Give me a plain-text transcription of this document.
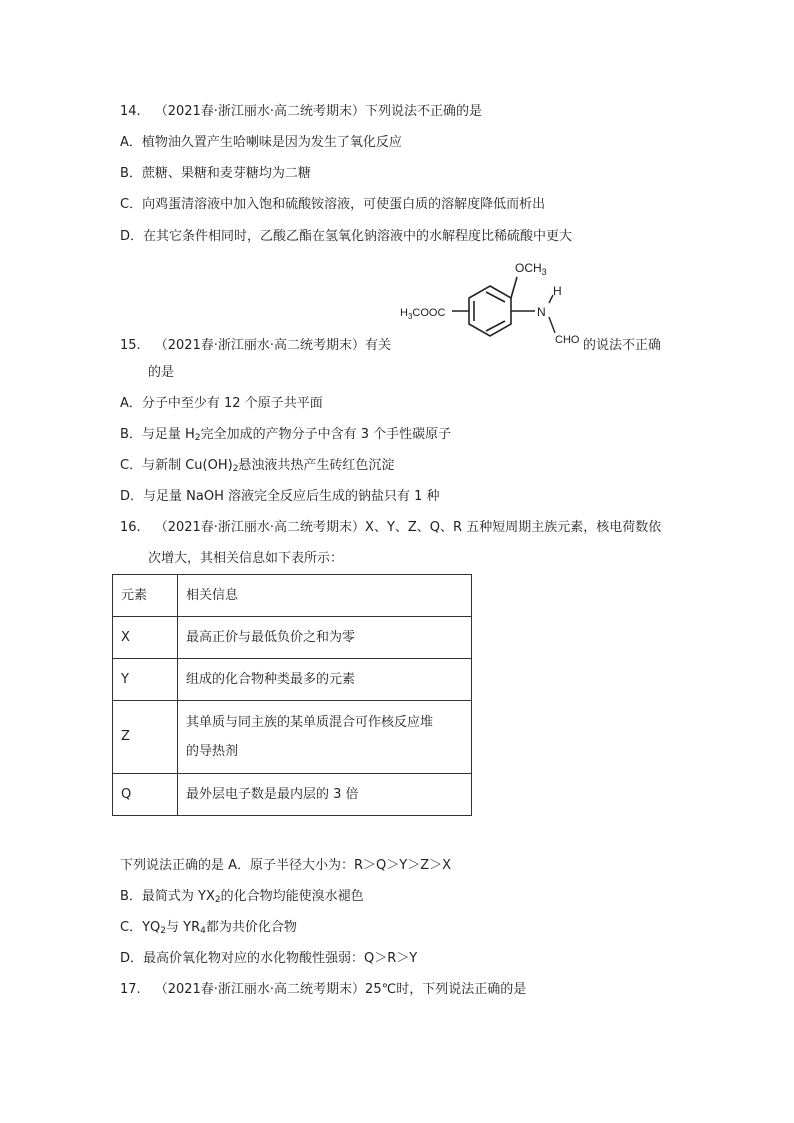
14. （2021春·浙江丽水·高二统考期末）下列说法不正确的是
A．植物油久置产生哈喇味是因为发生了氧化反应
B．蔗糖、果糖和麦芽糖均为二糖
C．向鸡蛋清溶液中加入饱和硫酸铵溶液，可使蛋白质的溶解度降低而析出
D．在其它条件相同时，乙酸乙酯在氢氧化钠溶液中的水解程度比稀硫酸中更大
$OCH_3$
$H_3COOC$	N
H
CHO
15. （2021春·浙江丽水·高二统考期末）有关	的说法不正确
的是
A．分子中至少有 12 个原子共平面
B．与足量 $H_2$完全加成的产物分子中含有 3 个手性碳原子
C．与新制 $Cu(OH)_2$悬浊液共热产生砖红色沉淀
D．与足量 NaOH 溶液完全反应后生成的钠盐只有 1 种
16. （2021春·浙江丽水·高二统考期末）X、Y、Z、Q、R 五种短周期主族元素，核电荷数依
次增大，其相关信息如下表所示：
元素	相关信息
X	最高正价与最低负价之和为零
Y	组成的化合物种类最多的元素
Z	其单质与同主族的某单质混合可作核反应堆
的导热剂

Q	最外层电子数是最内层的 3 倍
下列说法正确的是 A．原子半径大小为：R＞Q＞Y＞Z＞X
B．最简式为 $YX_2$的化合物均能使溴水褪色
C．$YQ_2$与 $YR_4$都为共价化合物
D．最高价氧化物对应的水化物酸性强弱：Q＞R＞Y
17. （2021春·浙江丽水·高二统考期末）25℃时，下列说法正确的是
